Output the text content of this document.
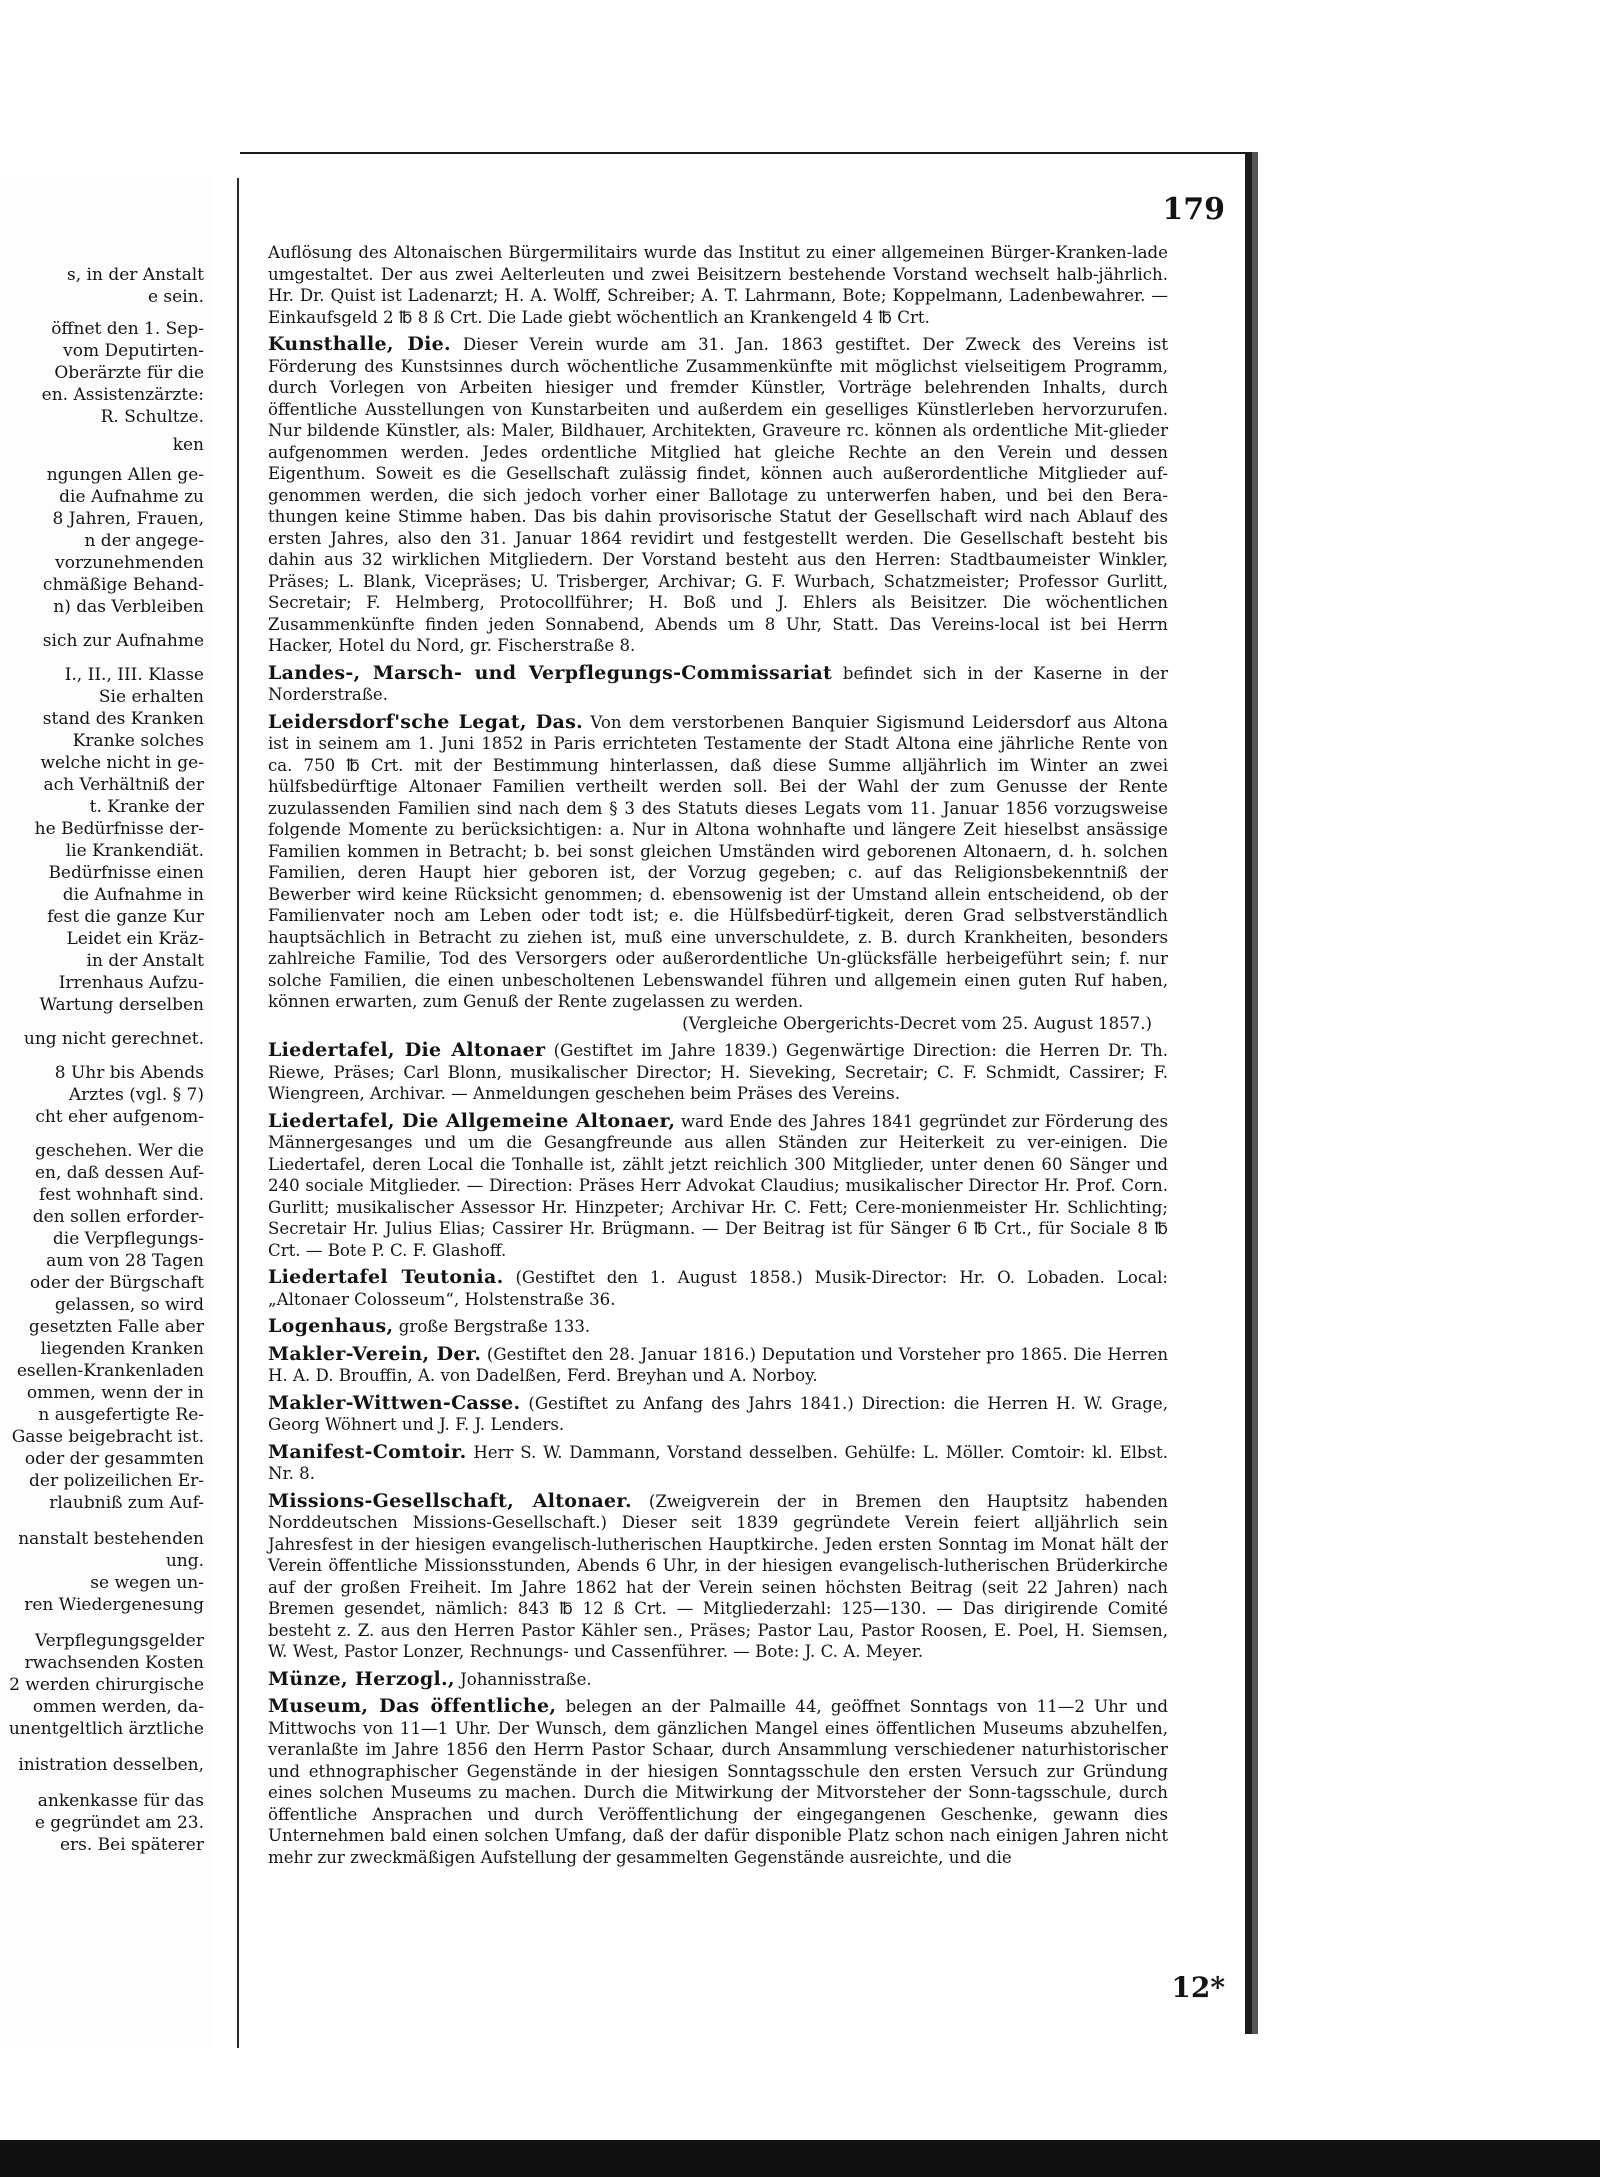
s, in der Anstalt
e sein.
öffnet den 1. Sep-
vom Deputirten-
Oberärzte für die
en. Assistenzärzte:
R. Schultze.
ken
ngungen Allen ge-
die Aufnahme zu
8 Jahren, Frauen,
n der angege-
vorzunehmenden
chmäßige Behand-
n) das Verbleiben
sich zur Aufnahme
I., II., III. Klasse
Sie erhalten
stand des Kranken
Kranke solches
welche nicht in ge-
ach Verhältniß der
t. Kranke der
he Bedürfnisse der-
lie Krankendiät.
Bedürfnisse einen
die Aufnahme in
fest die ganze Kur
Leidet ein Kräz-
in der Anstalt
Irrenhaus Aufzu-
Wartung derselben
ung nicht gerechnet.
8 Uhr bis Abends
Arztes (vgl. § 7)
cht eher aufgenom-
geschehen. Wer die
en, daß dessen Auf-
fest wohnhaft sind.
den sollen erforder-
die Verpflegungs-
aum von 28 Tagen
oder der Bürgschaft
gelassen, so wird
gesetzten Falle aber
liegenden Kranken
esellen-Krankenladen
ommen, wenn der in
n ausgefertigte Re-
Gasse beigebracht ist.
oder der gesammten
der polizeilichen Er-
rlaubniß zum Auf-
nanstalt bestehenden
ung.
se wegen un-
ren Wiedergenesung
Verpflegungsgelder
rwachsenden Kosten
2 werden chirurgische
ommen werden, da-
unentgeltlich ärztliche
inistration desselben,
ankenkasse für das
e gegründet am 23.
ers. Bei späterer
179
Auflösung des Altonaischen Bürgermilitairs wurde das Institut zu einer allgemeinen Bürger-Kranken-lade umgestaltet. Der aus zwei Aelterleuten und zwei Beisitzern bestehende Vorstand wechselt halb-jährlich. Hr. Dr. Quist ist Ladenarzt; H. A. Wolff, Schreiber; A. T. Lahrmann, Bote; Koppelmann, Ladenbewahrer. — Einkaufsgeld 2 ℔ 8 ß Crt. Die Lade giebt wöchentlich an Krankengeld 4 ℔ Crt.
Kunsthalle, Die. Dieser Verein wurde am 31. Jan. 1863 gestiftet. Der Zweck des Vereins ist Förderung des Kunstsinnes durch wöchentliche Zusammenkünfte mit möglichst vielseitigem Programm, durch Vorlegen von Arbeiten hiesiger und fremder Künstler, Vorträge belehrenden Inhalts, durch öffentliche Ausstellungen von Kunstarbeiten und außerdem ein geselliges Künstlerleben hervorzurufen. Nur bildende Künstler, als: Maler, Bildhauer, Architekten, Graveure rc. können als ordentliche Mit-glieder aufgenommen werden. Jedes ordentliche Mitglied hat gleiche Rechte an den Verein und dessen Eigenthum. Soweit es die Gesellschaft zulässig findet, können auch außerordentliche Mitglieder auf-genommen werden, die sich jedoch vorher einer Ballotage zu unterwerfen haben, und bei den Bera-thungen keine Stimme haben. Das bis dahin provisorische Statut der Gesellschaft wird nach Ablauf des ersten Jahres, also den 31. Januar 1864 revidirt und festgestellt werden. Die Gesellschaft besteht bis dahin aus 32 wirklichen Mitgliedern. Der Vorstand besteht aus den Herren: Stadtbaumeister Winkler, Präses; L. Blank, Vicepräses; U. Trisberger, Archivar; G. F. Wurbach, Schatzmeister; Professor Gurlitt, Secretair; F. Helmberg, Protocollführer; H. Boß und J. Ehlers als Beisitzer. Die wöchentlichen Zusammenkünfte finden jeden Sonnabend, Abends um 8 Uhr, Statt. Das Vereins-local ist bei Herrn Hacker, Hotel du Nord, gr. Fischerstraße 8.
Landes-, Marsch- und Verpflegungs-Commissariat befindet sich in der Kaserne in der Norderstraße.
Leidersdorf'sche Legat, Das. Von dem verstorbenen Banquier Sigismund Leidersdorf aus Altona ist in seinem am 1. Juni 1852 in Paris errichteten Testamente der Stadt Altona eine jährliche Rente von ca. 750 ℔ Crt. mit der Bestimmung hinterlassen, daß diese Summe alljährlich im Winter an zwei hülfsbedürftige Altonaer Familien vertheilt werden soll. Bei der Wahl der zum Genusse der Rente zuzulassenden Familien sind nach dem § 3 des Statuts dieses Legats vom 11. Januar 1856 vorzugsweise folgende Momente zu berücksichtigen: a. Nur in Altona wohnhafte und längere Zeit hieselbst ansässige Familien kommen in Betracht; b. bei sonst gleichen Umständen wird geborenen Altonaern, d. h. solchen Familien, deren Haupt hier geboren ist, der Vorzug gegeben; c. auf das Religionsbekenntniß der Bewerber wird keine Rücksicht genommen; d. ebensowenig ist der Umstand allein entscheidend, ob der Familienvater noch am Leben oder todt ist; e. die Hülfsbedürf-tigkeit, deren Grad selbstverständlich hauptsächlich in Betracht zu ziehen ist, muß eine unverschuldete, z. B. durch Krankheiten, besonders zahlreiche Familie, Tod des Versorgers oder außerordentliche Un-glücksfälle herbeigeführt sein; f. nur solche Familien, die einen unbescholtenen Lebenswandel führen und allgemein einen guten Ruf haben, können erwarten, zum Genuß der Rente zugelassen zu werden.
(Vergleiche Obergerichts-Decret vom 25. August 1857.)
Liedertafel, Die Altonaer (Gestiftet im Jahre 1839.) Gegenwärtige Direction: die Herren Dr. Th. Riewe, Präses; Carl Blonn, musikalischer Director; H. Sieveking, Secretair; C. F. Schmidt, Cassirer; F. Wiengreen, Archivar. — Anmeldungen geschehen beim Präses des Vereins.
Liedertafel, Die Allgemeine Altonaer, ward Ende des Jahres 1841 gegründet zur Förderung des Männergesanges und um die Gesangfreunde aus allen Ständen zur Heiterkeit zu ver-einigen. Die Liedertafel, deren Local die Tonhalle ist, zählt jetzt reichlich 300 Mitglieder, unter denen 60 Sänger und 240 sociale Mitglieder. — Direction: Präses Herr Advokat Claudius; musikalischer Director Hr. Prof. Corn. Gurlitt; musikalischer Assessor Hr. Hinzpeter; Archivar Hr. C. Fett; Cere-monienmeister Hr. Schlichting; Secretair Hr. Julius Elias; Cassirer Hr. Brügmann. — Der Beitrag ist für Sänger 6 ℔ Crt., für Sociale 8 ℔ Crt. — Bote P. C. F. Glashoff.
Liedertafel Teutonia. (Gestiftet den 1. August 1858.) Musik-Director: Hr. O. Lobaden. Local: „Altonaer Colosseum“, Holstenstraße 36.
Logenhaus, große Bergstraße 133.
Makler-Verein, Der. (Gestiftet den 28. Januar 1816.) Deputation und Vorsteher pro 1865. Die Herren H. A. D. Brouffin, A. von Dadelßen, Ferd. Breyhan und A. Norboy.
Makler-Wittwen-Casse. (Gestiftet zu Anfang des Jahrs 1841.) Direction: die Herren H. W. Grage, Georg Wöhnert und J. F. J. Lenders.
Manifest-Comtoir. Herr S. W. Dammann, Vorstand desselben. Gehülfe: L. Möller. Comtoir: kl. Elbst. Nr. 8.
Missions-Gesellschaft, Altonaer. (Zweigverein der in Bremen den Hauptsitz habenden Norddeutschen Missions-Gesellschaft.) Dieser seit 1839 gegründete Verein feiert alljährlich sein Jahresfest in der hiesigen evangelisch-lutherischen Hauptkirche. Jeden ersten Sonntag im Monat hält der Verein öffentliche Missionsstunden, Abends 6 Uhr, in der hiesigen evangelisch-lutherischen Brüderkirche auf der großen Freiheit. Im Jahre 1862 hat der Verein seinen höchsten Beitrag (seit 22 Jahren) nach Bremen gesendet, nämlich: 843 ℔ 12 ß Crt. — Mitgliederzahl: 125—130. — Das dirigirende Comité besteht z. Z. aus den Herren Pastor Kähler sen., Präses; Pastor Lau, Pastor Roosen, E. Poel, H. Siemsen, W. West, Pastor Lonzer, Rechnungs- und Cassenführer. — Bote: J. C. A. Meyer.
Münze, Herzogl., Johannisstraße.
Museum, Das öffentliche, belegen an der Palmaille 44, geöffnet Sonntags von 11—2 Uhr und Mittwochs von 11—1 Uhr. Der Wunsch, dem gänzlichen Mangel eines öffentlichen Museums abzuhelfen, veranlaßte im Jahre 1856 den Herrn Pastor Schaar, durch Ansammlung verschiedener naturhistorischer und ethnographischer Gegenstände in der hiesigen Sonntagsschule den ersten Versuch zur Gründung eines solchen Museums zu machen. Durch die Mitwirkung der Mitvorsteher der Sonn-tagsschule, durch öffentliche Ansprachen und durch Veröffentlichung der eingegangenen Geschenke, gewann dies Unternehmen bald einen solchen Umfang, daß der dafür disponible Platz schon nach einigen Jahren nicht mehr zur zweckmäßigen Aufstellung der gesammelten Gegenstände ausreichte, und die
12*
